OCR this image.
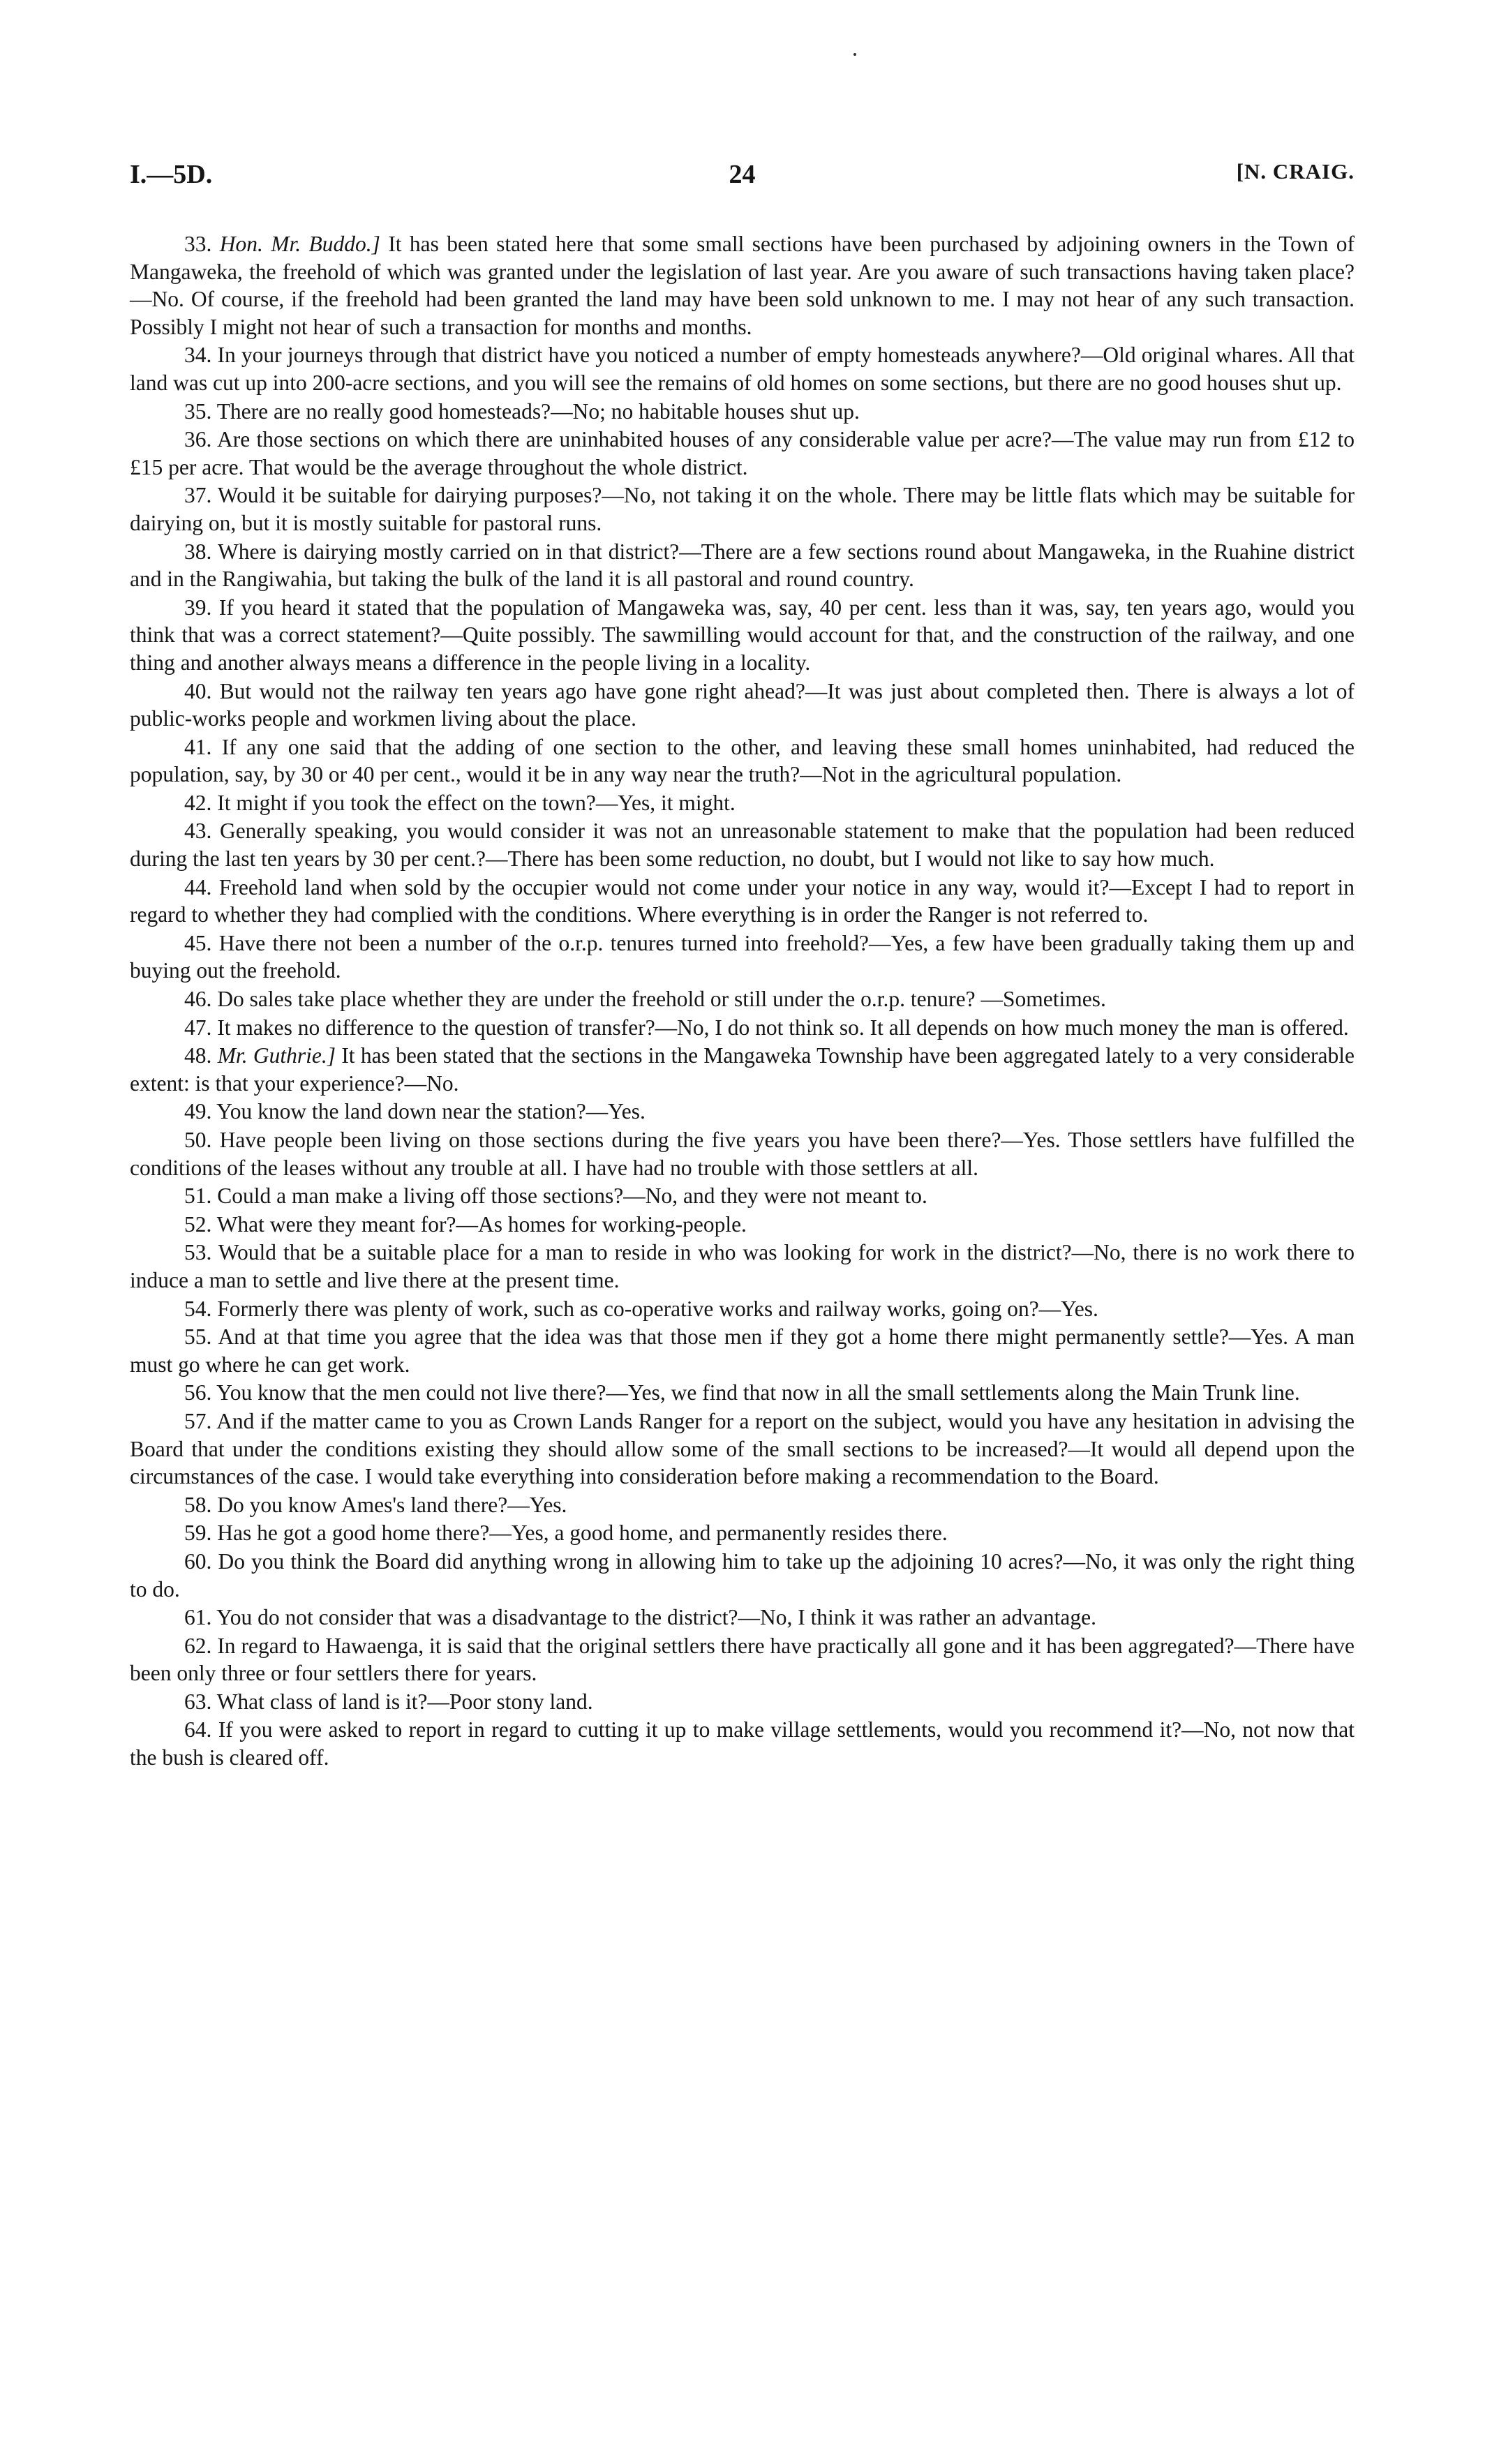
I.—5D.	24	[N. CRAIG.

33. Hon. Mr. Buddo.] It has been stated here that some small sections have been purchased by adjoining owners in the Town of Mangaweka, the freehold of which was granted under the legislation of last year. Are you aware of such transactions having taken place?—No. Of course, if the freehold had been granted the land may have been sold unknown to me. I may not hear of any such transaction. Possibly I might not hear of such a transaction for months and months.

34. In your journeys through that district have you noticed a number of empty homesteads anywhere?—Old original whares. All that land was cut up into 200-acre sections, and you will see the remains of old homes on some sections, but there are no good houses shut up.

35. There are no really good homesteads?—No; no habitable houses shut up.

36. Are those sections on which there are uninhabited houses of any considerable value per acre?—The value may run from £12 to £15 per acre. That would be the average throughout the whole district.

37. Would it be suitable for dairying purposes?—No, not taking it on the whole. There may be little flats which may be suitable for dairying on, but it is mostly suitable for pastoral runs.

38. Where is dairying mostly carried on in that district?—There are a few sections round about Mangaweka, in the Ruahine district and in the Rangiwahia, but taking the bulk of the land it is all pastoral and round country.

39. If you heard it stated that the population of Mangaweka was, say, 40 per cent. less than it was, say, ten years ago, would you think that was a correct statement?—Quite possibly. The sawmilling would account for that, and the construction of the railway, and one thing and another always means a difference in the people living in a locality.

40. But would not the railway ten years ago have gone right ahead?—It was just about completed then. There is always a lot of public-works people and workmen living about the place.

41. If any one said that the adding of one section to the other, and leaving these small homes uninhabited, had reduced the population, say, by 30 or 40 per cent., would it be in any way near the truth?—Not in the agricultural population.

42. It might if you took the effect on the town?—Yes, it might.

43. Generally speaking, you would consider it was not an unreasonable statement to make that the population had been reduced during the last ten years by 30 per cent.?—There has been some reduction, no doubt, but I would not like to say how much.

44. Freehold land when sold by the occupier would not come under your notice in any way, would it?—Except I had to report in regard to whether they had complied with the conditions. Where everything is in order the Ranger is not referred to.

45. Have there not been a number of the o.r.p. tenures turned into freehold?—Yes, a few have been gradually taking them up and buying out the freehold.

46. Do sales take place whether they are under the freehold or still under the o.r.p. tenure? —Sometimes.

47. It makes no difference to the question of transfer?—No, I do not think so. It all depends on how much money the man is offered.

48. Mr. Guthrie.] It has been stated that the sections in the Mangaweka Township have been aggregated lately to a very considerable extent: is that your experience?—No.

49. You know the land down near the station?—Yes.

50. Have people been living on those sections during the five years you have been there?—Yes. Those settlers have fulfilled the conditions of the leases without any trouble at all. I have had no trouble with those settlers at all.

51. Could a man make a living off those sections?—No, and they were not meant to.

52. What were they meant for?—As homes for working-people.

53. Would that be a suitable place for a man to reside in who was looking for work in the district?—No, there is no work there to induce a man to settle and live there at the present time.

54. Formerly there was plenty of work, such as co-operative works and railway works, going on?—Yes.

55. And at that time you agree that the idea was that those men if they got a home there might permanently settle?—Yes. A man must go where he can get work.

56. You know that the men could not live there?—Yes, we find that now in all the small settlements along the Main Trunk line.

57. And if the matter came to you as Crown Lands Ranger for a report on the subject, would you have any hesitation in advising the Board that under the conditions existing they should allow some of the small sections to be increased?—It would all depend upon the circumstances of the case. I would take everything into consideration before making a recommendation to the Board.

58. Do you know Ames's land there?—Yes.

59. Has he got a good home there?—Yes, a good home, and permanently resides there.

60. Do you think the Board did anything wrong in allowing him to take up the adjoining 10 acres?—No, it was only the right thing to do.

61. You do not consider that was a disadvantage to the district?—No, I think it was rather an advantage.

62. In regard to Hawaenga, it is said that the original settlers there have practically all gone and it has been aggregated?—There have been only three or four settlers there for years.

63. What class of land is it?—Poor stony land.

64. If you were asked to report in regard to cutting it up to make village settlements, would you recommend it?—No, not now that the bush is cleared off.
